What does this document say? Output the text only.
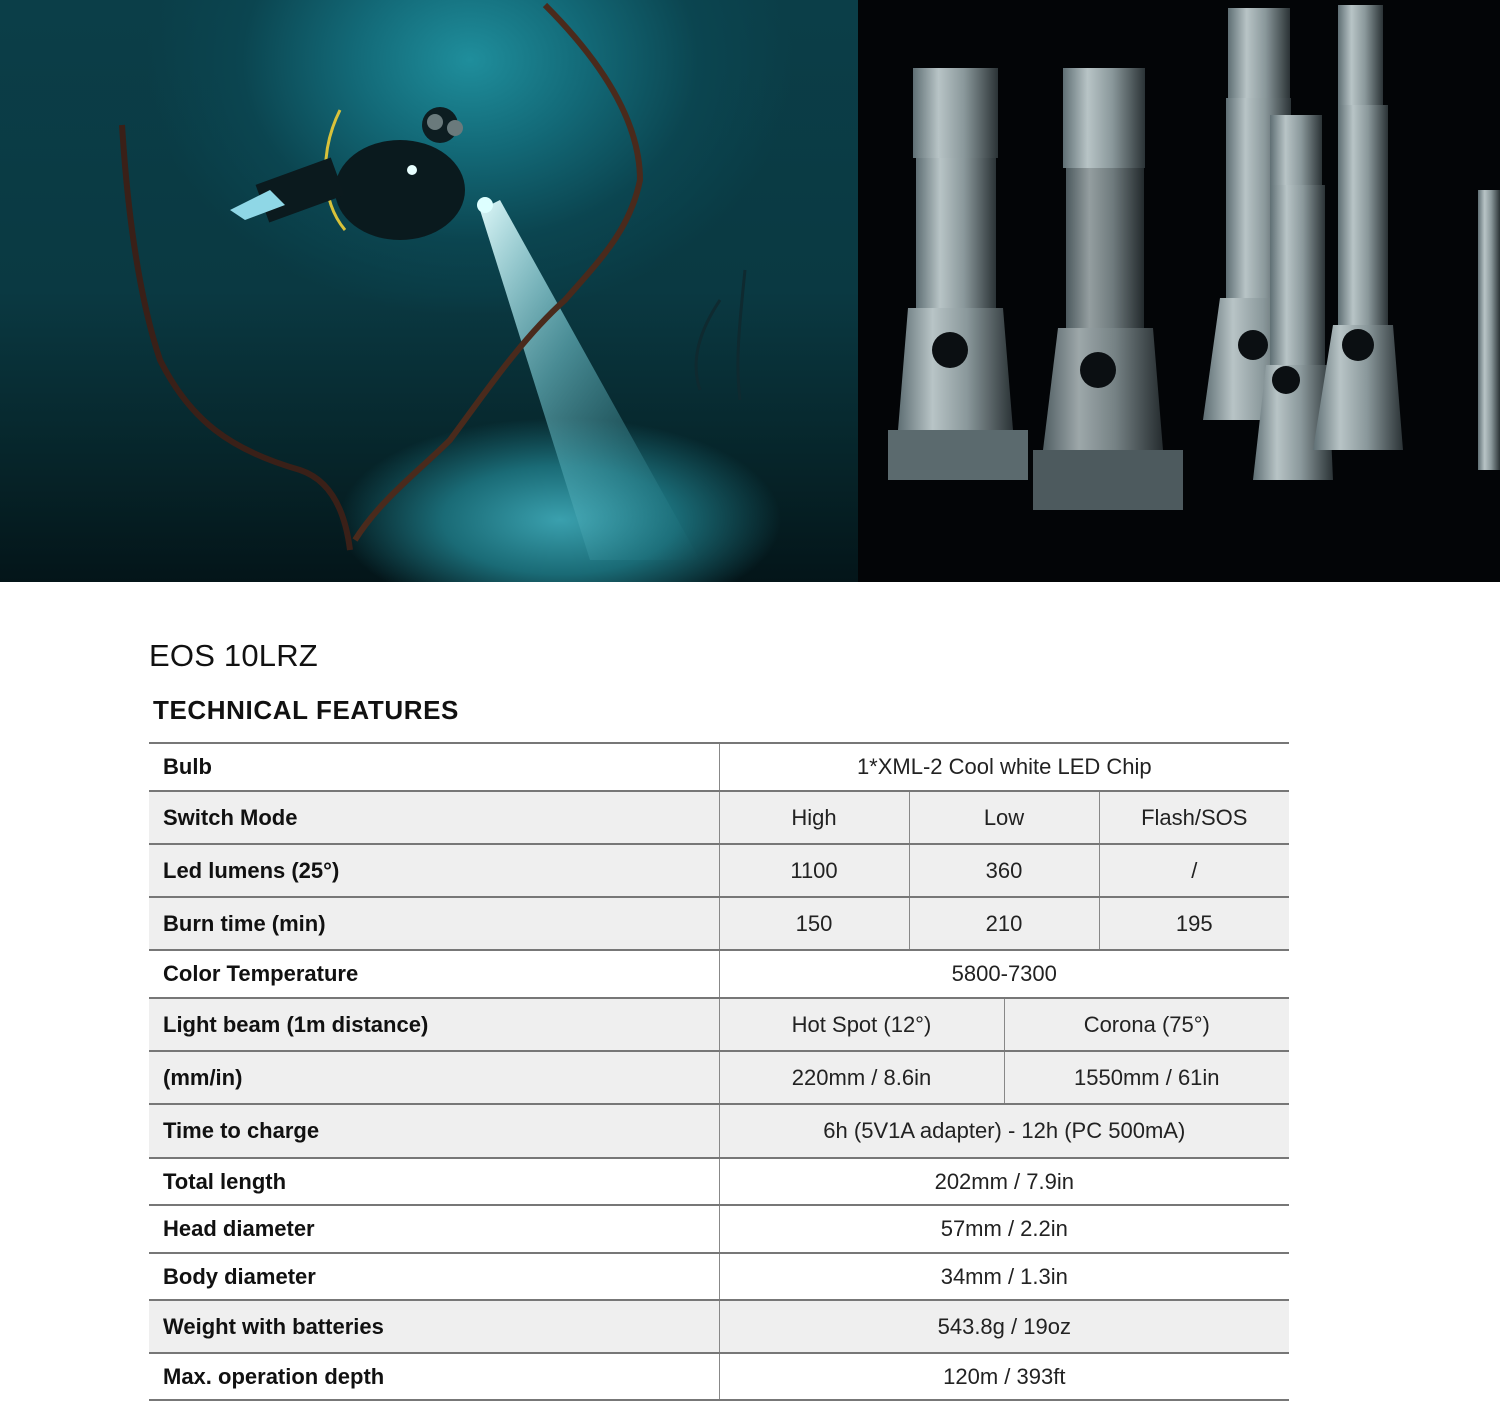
EOS 10LRZ
TECHNICAL FEATURES
Bulb	1*XML-2 Cool white LED Chip			
Switch Mode	High	Low		Flash/SOS
Led lumens (25°)	1100	360		/
Burn time (min)	150	210		195
Color Temperature	5800-7300			
Light beam (1m distance)	Hot Spot (12°)		Corona (75°)	
(mm/in)	220mm / 8.6in		1550mm / 61in	
Time to charge	6h (5V1A adapter) - 12h (PC 500mA)			
Total length	202mm / 7.9in			
Head diameter	57mm / 2.2in			
Body diameter	34mm / 1.3in			
Weight with batteries	543.8g / 19oz			
Max. operation depth	120m / 393ft			
